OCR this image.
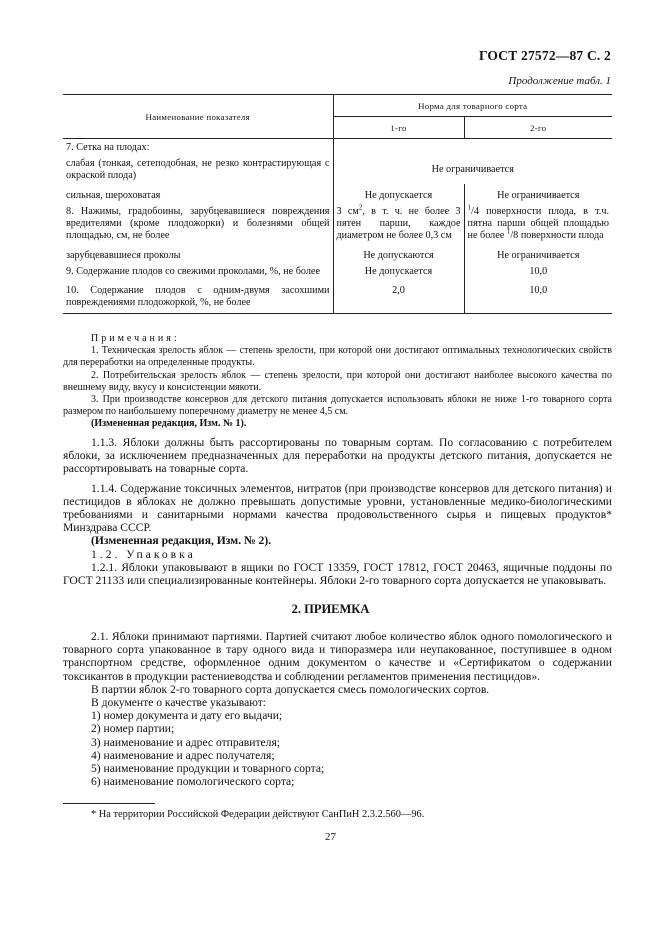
ГОСТ 27572—87 С. 2
Продолжение табл. 1
Наименование показателя	Норма для товарного сорта	
	1-го	2-го
7. Сетка на плодах:		
слабая (тонкая, сетеподобная, не резко контрастирующая с окраской плода)	Не ограничивается	
сильная, шероховатая	Не допускается	Не ограничивается
8. Нажимы, градобоины, зарубцевавшиеся повреждения вредителями (кроме плодожорки) и болезнями общей площадью, см, не более	3 $см^2$, в т. ч. не более 3 пятен парши, каждое диаметром не более 0,3 см	$^1$/4 поверхности плода, в т.ч. пятна парши общей площадью не более $^1$/8 поверхности плода
зарубцевавшиеся проколы	Не допускаются	Не ограничивается
9. Содержание плодов со свежими проколами, %, не более	Не допускается	10,0
10. Содержание плодов с одним-двумя засохшими повреждениями плодожоркой, %, не более	2,0	10,0

Примечания:

1. Техническая зрелость яблок — степень зрелости, при которой они достигают оптимальных технологических свойств для переработки на определенные продукты.

2. Потребительская зрелость яблок — степень зрелости, при которой они достигают наиболее высокого качества по внешнему виду, вкусу и консистенции мякоти.

3. При производстве консервов для детского питания допускается использовать яблоки не ниже 1-го товарного сорта размером по наибольшему поперечному диаметру не менее 4,5 см.

(Измененная редакция, Изм. № 1).

1.1.3. Яблоки должны быть рассортированы по товарным сортам. По согласованию с потребителем яблоки, за исключением предназначенных для переработки на продукты детского питания, допускается не рассортировывать на товарные сорта.

1.1.4. Содержание токсичных элементов, нитратов (при производстве консервов для детского питания) и пестицидов в яблоках не должно превышать допустимые уровни, установленные медико-биологическими требованиями и санитарными нормами качества продовольственного сырья и пищевых продуктов* Минздрава СССР.

(Измененная редакция, Изм. № 2).

1.2. Упаковка

1.2.1. Яблоки упаковывают в ящики по ГОСТ 13359, ГОСТ 17812, ГОСТ 20463, ящичные поддоны по ГОСТ 21133 или специализированные контейнеры. Яблоки 2-го товарного сорта допускается не упаковывать.

2. ПРИЕМКА

2.1. Яблоки принимают партиями. Партией считают любое количество яблок одного помологического и товарного сорта упакованное в тару одного вида и типоразмера или неупакованное, поступившее в одном транспортном средстве, оформленное одним документом о качестве и «Сертификатом о содержании токсикантов в продукции растениеводства и соблюдении регламентов применения пестицидов».

В партии яблок 2-го товарного сорта допускается смесь помологических сортов.

В документе о качестве указывают:

1) номер документа и дату его выдачи;

2) номер партии;

3) наименование и адрес отправителя;

4) наименование и адрес получателя;

5) наименование продукции и товарного сорта;

6) наименование помологического сорта;

* На территории Российской Федерации действуют СанПиН 2.3.2.560—96.
27
